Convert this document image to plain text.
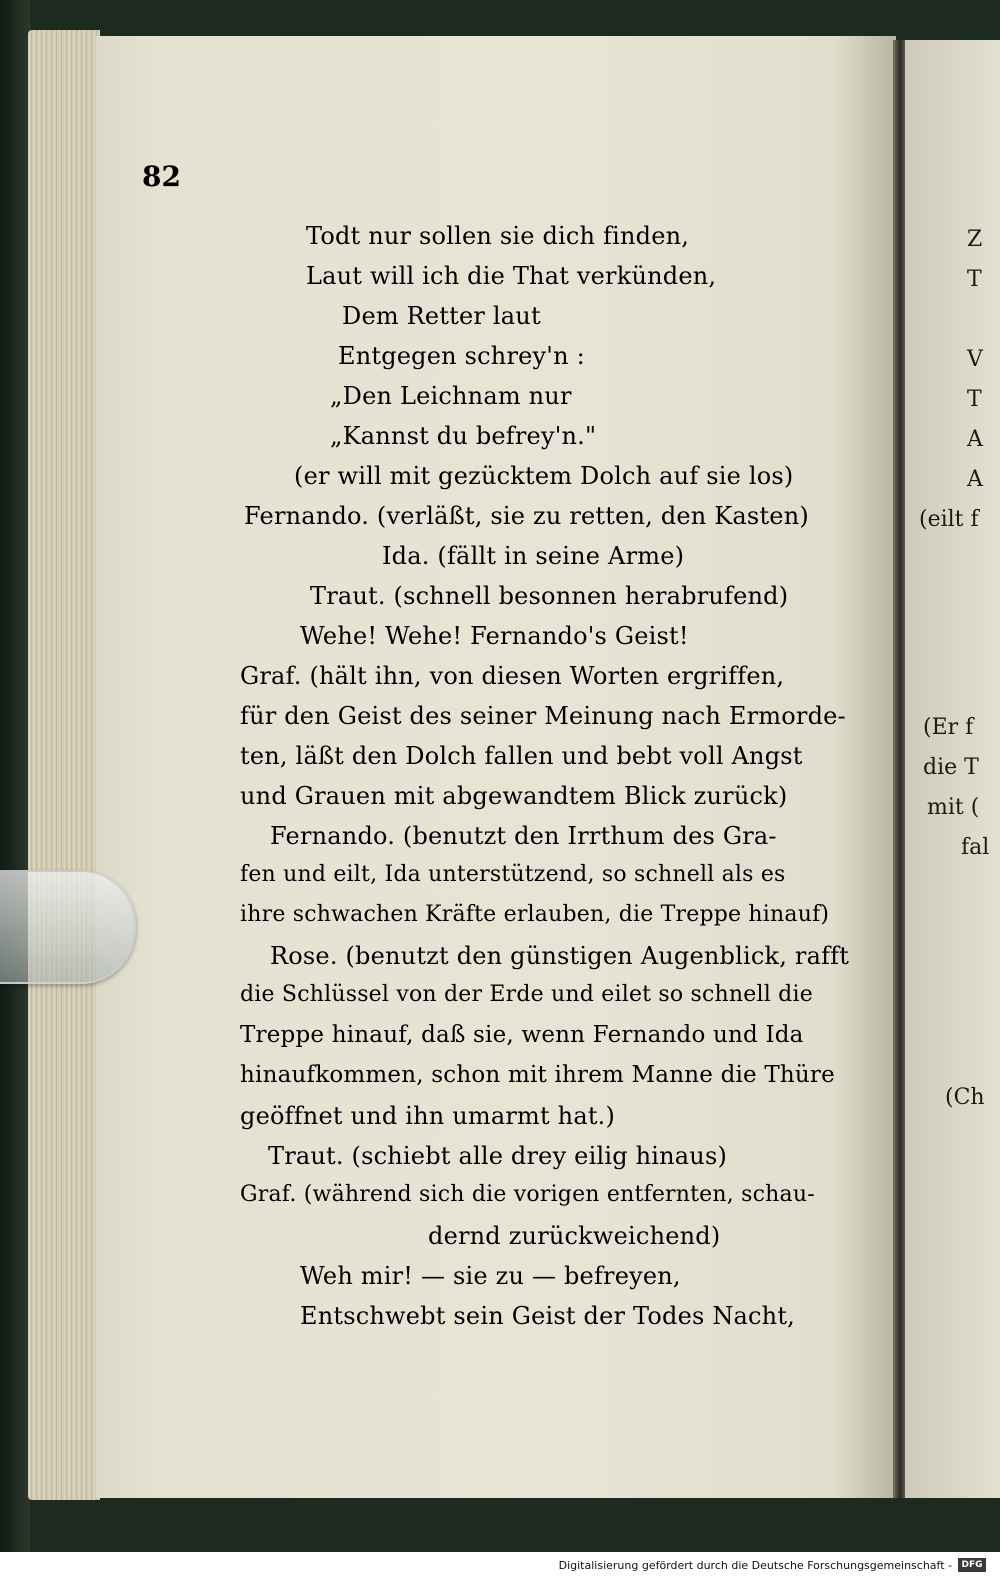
Z
T
V
T
A
A
(eilt f
(Er f
die T
mit (
fal
(Ch
82
Todt nur sollen sie dich finden,
Laut will ich die That verkünden,
Dem Retter laut
Entgegen schrey'n :
„Den Leichnam nur
„Kannst du befrey'n."
(er will mit gezücktem Dolch auf sie los)
Fernando. (verläßt, sie zu retten, den Kasten)
Ida. (fällt in seine Arme)
Traut. (schnell besonnen herabrufend)
Wehe! Wehe! Fernando's Geist!
Graf. (hält ihn, von diesen Worten ergriffen,
für den Geist des seiner Meinung nach Ermorde-
ten, läßt den Dolch fallen und bebt voll Angst
und Grauen mit abgewandtem Blick zurück)
Fernando. (benutzt den Irrthum des Gra-
fen und eilt, Ida unterstützend, so schnell als es
ihre schwachen Kräfte erlauben, die Treppe hinauf)
Rose. (benutzt den günstigen Augenblick, rafft
die Schlüssel von der Erde und eilet so schnell die
Treppe hinauf, daß sie, wenn Fernando und Ida
hinaufkommen, schon mit ihrem Manne die Thüre
geöffnet und ihn umarmt hat.)
Traut. (schiebt alle drey eilig hinaus)
Graf. (während sich die vorigen entfernten, schau-
dernd zurückweichend)
Weh mir! — sie zu — befreyen,
Entschwebt sein Geist der Todes Nacht,
Digitalisierung gefördert durch die Deutsche Forschungsgemeinschaft -	DFG
